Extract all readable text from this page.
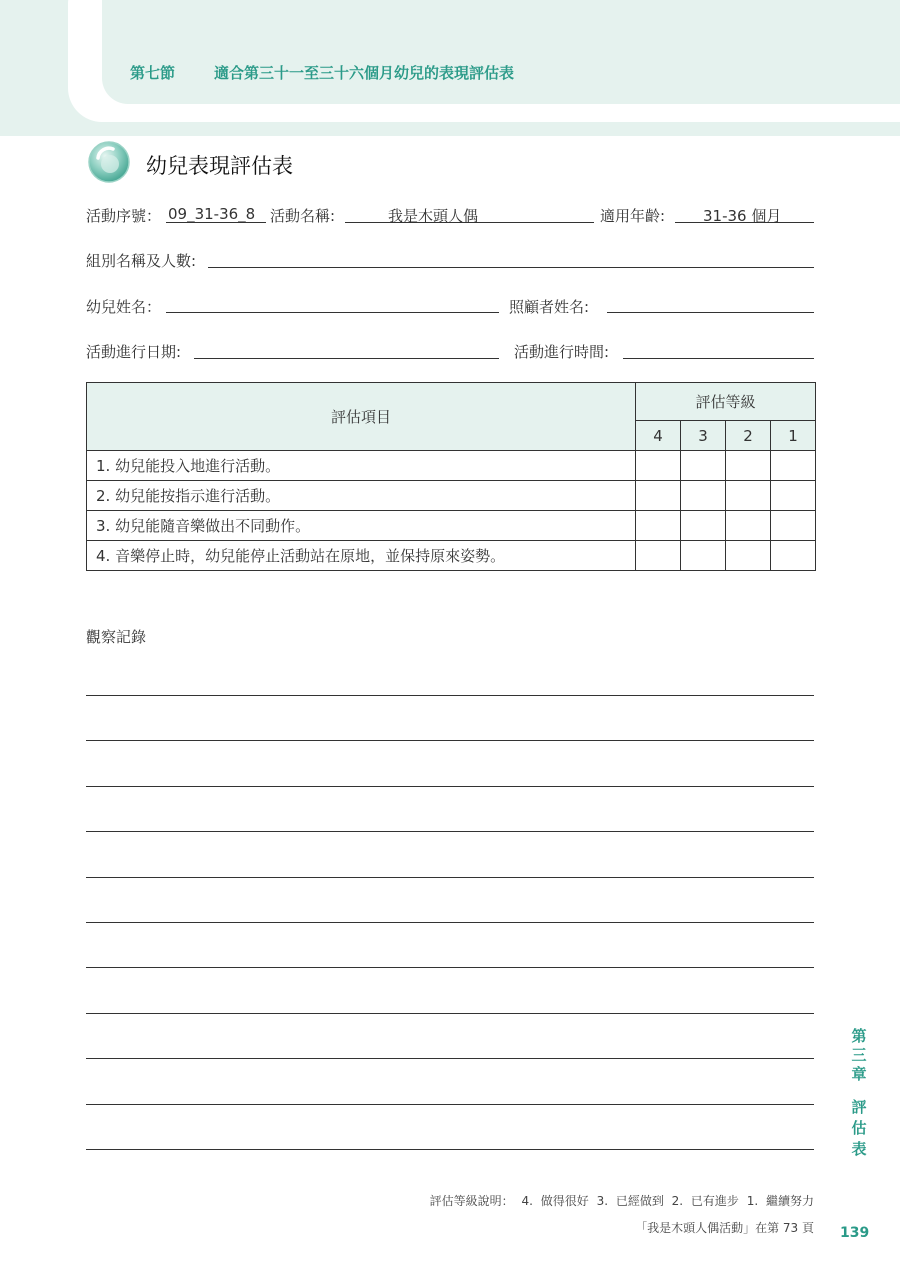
第七節	適合第三十一至三十六個月幼兒的表現評估表
幼兒表現評估表
活動序號： 09_31-36_8 活動名稱:	我是木頭人偶	適用年齡:	31-36 個月
組別名稱及人數:
幼兒姓名：	照顧者姓名:
活動進行日期:	活動進行時間:
評估項目	評估等級			
	4	3	2	1
1. 幼兒能投入地進行活動。				
2. 幼兒能按指示進行活動。				
3. 幼兒能隨音樂做出不同動作。				
4. 音樂停止時，幼兒能停止活動站在原地，並保持原來姿勢。				
觀察記錄
第三章
評估表
評估等級說明： 4. 做得很好 3. 已經做到 2. 已有進步 1. 繼續努力
「我是木頭人偶活動」在第 73 頁 139
